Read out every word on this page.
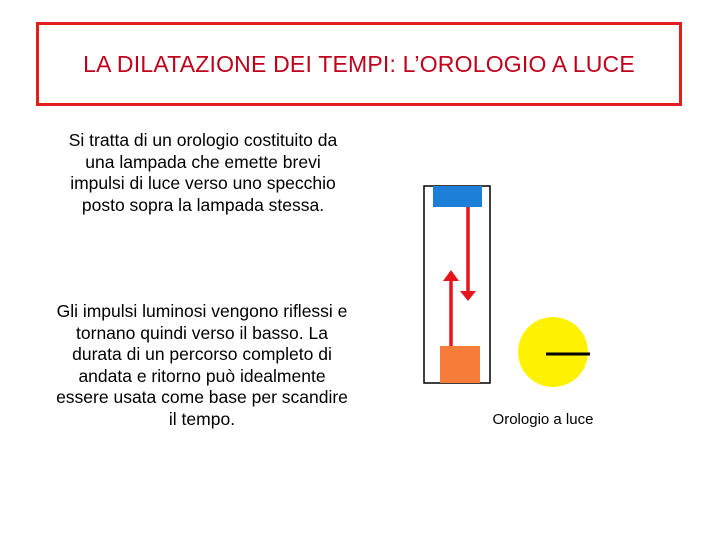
LA DILATAZIONE DEI TEMPI: L’OROLOGIO A LUCE
Si tratta di un orologio costituito da una lampada che emette brevi impulsi di luce verso uno specchio posto sopra la lampada stessa.
Gli impulsi luminosi vengono riflessi e tornano quindi verso il basso. La durata di un percorso completo di andata e ritorno può idealmente essere usata come base per scandire il tempo.	Orologio a luce
